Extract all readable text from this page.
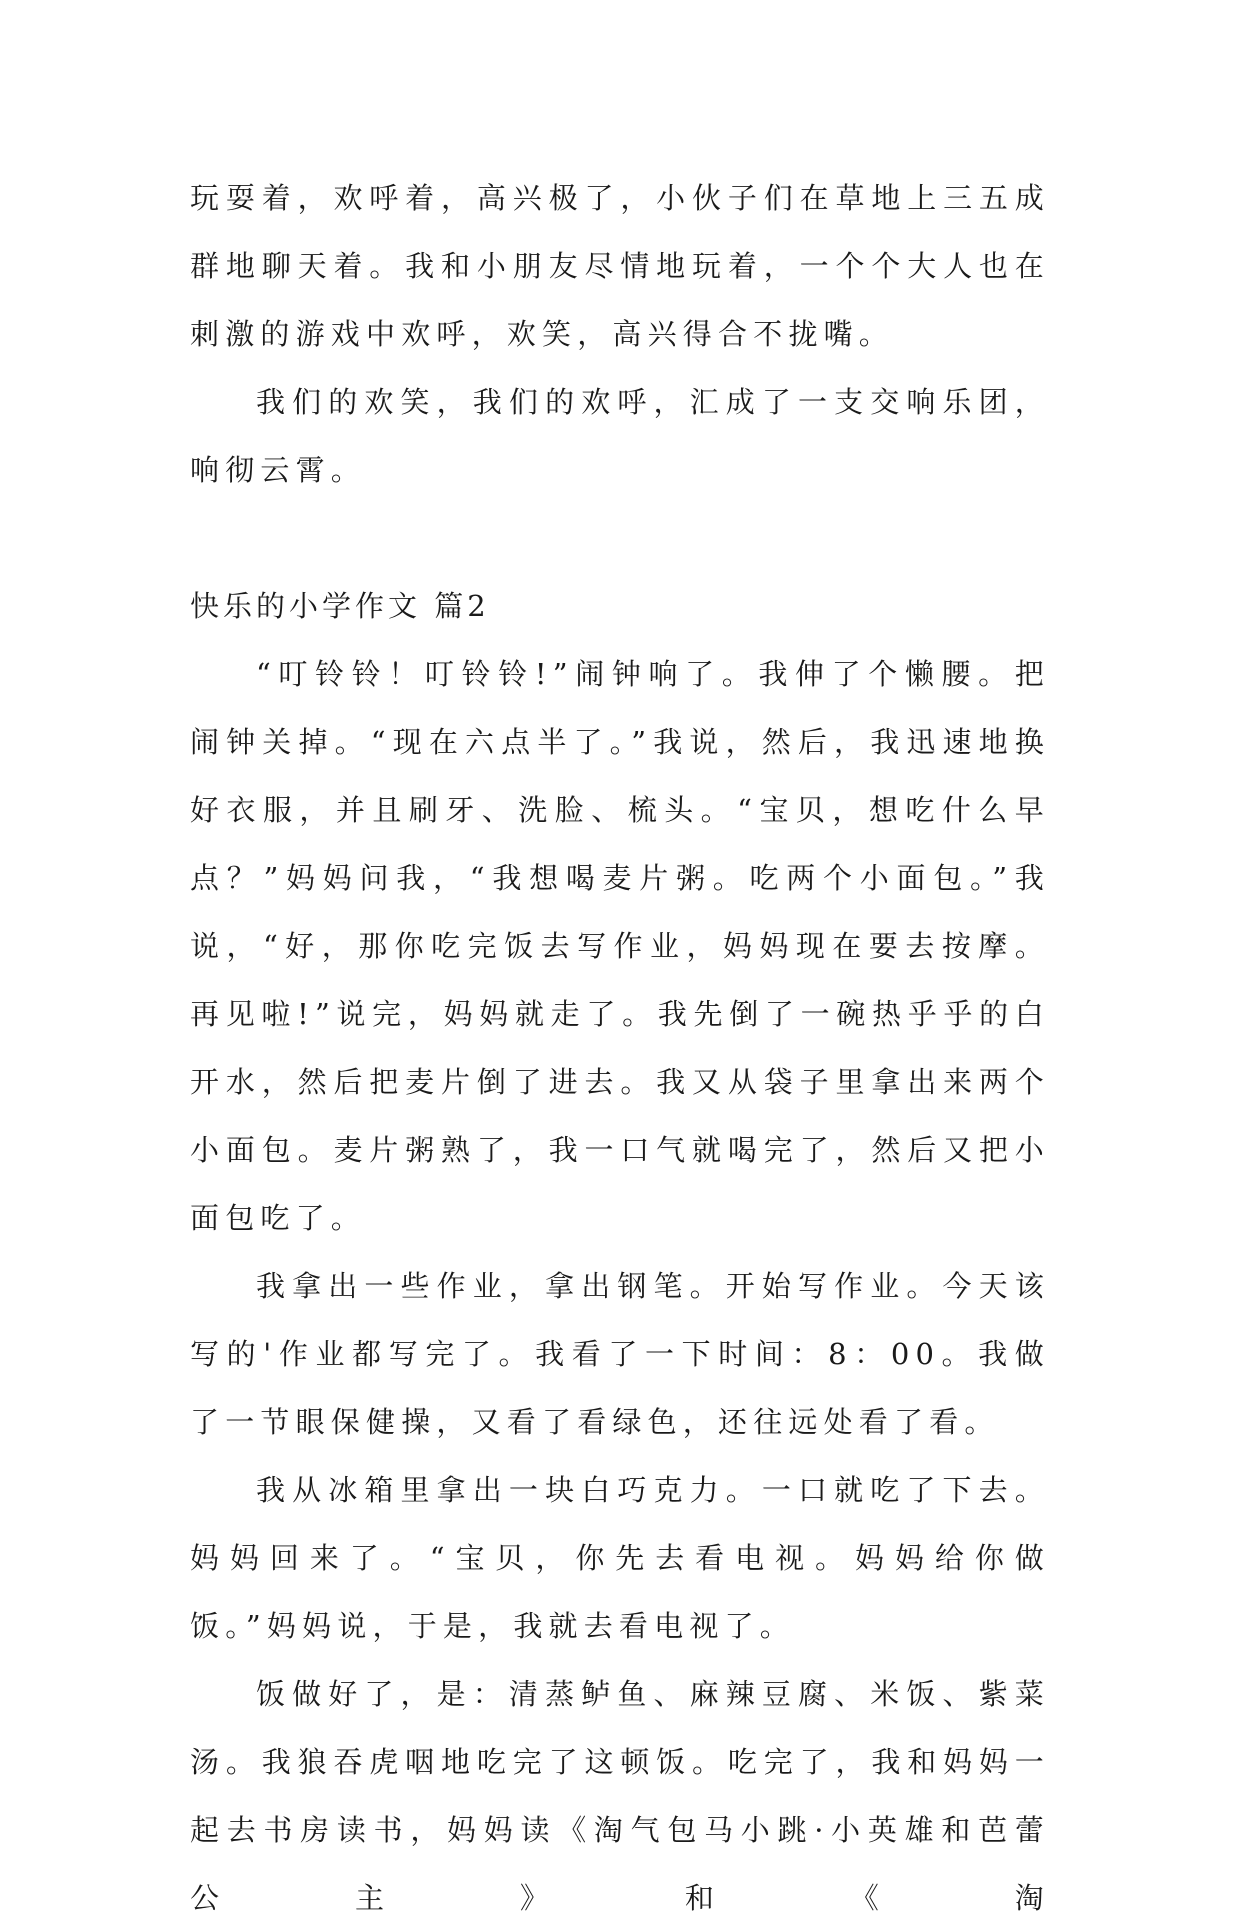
玩耍着，欢呼着，高兴极了，小伙子们在草地上三五成群地聊天着。我和小朋友尽情地玩着，一个个大人也在刺激的游戏中欢呼，欢笑，高兴得合不拢嘴。

我们的欢笑，我们的欢呼，汇成了一支交响乐团，响彻云霄。

快乐的小学作文 篇2

“叮铃铃！叮铃铃!”闹钟响了。我伸了个懒腰。把闹钟关掉。“现在六点半了。”我说，然后，我迅速地换好衣服，并且刷牙、洗脸、梳头。“宝贝，想吃什么早点？”妈妈问我，“我想喝麦片粥。吃两个小面包。”我说，“好，那你吃完饭去写作业，妈妈现在要去按摩。再见啦!”说完，妈妈就走了。我先倒了一碗热乎乎的白开水，然后把麦片倒了进去。我又从袋子里拿出来两个小面包。麦片粥熟了，我一口气就喝完了，然后又把小面包吃了。

我拿出一些作业，拿出钢笔。开始写作业。今天该写的'作业都写完了。我看了一下时间：8：00。我做了一节眼保健操，又看了看绿色，还往远处看了看。

我从冰箱里拿出一块白巧克力。一口就吃了下去。妈妈回来了。“宝贝，你先去看电视。妈妈给你做饭。”妈妈说，于是，我就去看电视了。

饭做好了，是：清蒸鲈鱼、麻辣豆腐、米饭、紫菜汤。我狼吞虎咽地吃完了这顿饭。吃完了，我和妈妈一起去书房读书，妈妈读《淘气包马小跳·小英雄和芭蕾公主》和《淘
